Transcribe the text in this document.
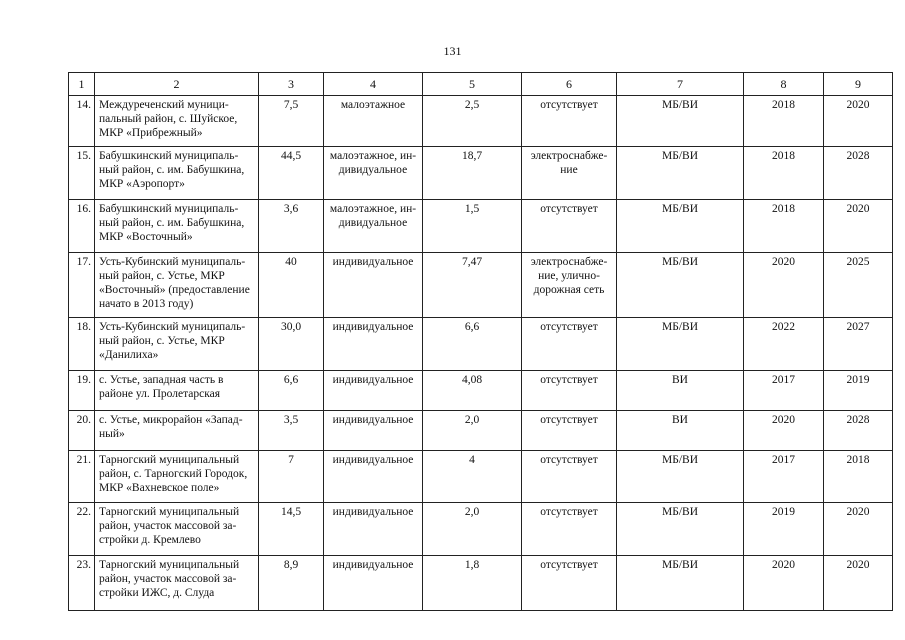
131
1	2	3	4	5	6	7	8	9
14.	Междуреченский муници-
пальный район, с. Шуйское,
МКР «Прибрежный»	7,5	малоэтажное	2,5	отсутствует	МБ/ВИ	2018	2020
15.	Бабушкинский муниципаль-
ный район, с. им. Бабушкина,
МКР «Аэропорт»	44,5	малоэтажное, ин-
дивидуальное	18,7	электроснабже-
ние	МБ/ВИ	2018	2028
16.	Бабушкинский муниципаль-
ный район, с. им. Бабушкина,
МКР «Восточный»	3,6	малоэтажное, ин-
дивидуальное	1,5	отсутствует	МБ/ВИ	2018	2020
17.	Усть-Кубинский муниципаль-
ный район, с. Устье, МКР
«Восточный» (предоставление
начато в 2013 году)	40	индивидуальное	7,47	электроснабже-
ние, улично-
дорожная сеть	МБ/ВИ	2020	2025
18.	Усть-Кубинский муниципаль-
ный район, с. Устье, МКР
«Данилиха»	30,0	индивидуальное	6,6	отсутствует	МБ/ВИ	2022	2027
19.	с. Устье, западная часть в
районе ул. Пролетарская	6,6	индивидуальное	4,08	отсутствует	ВИ	2017	2019
20.	с. Устье, микрорайон «Запад-
ный»	3,5	индивидуальное	2,0	отсутствует	ВИ	2020	2028
21.	Тарногский муниципальный
район, с. Тарногский Городок,
МКР «Вахневское поле»	7	индивидуальное	4	отсутствует	МБ/ВИ	2017	2018
22.	Тарногский муниципальный
район, участок массовой за-
стройки д. Кремлево	14,5	индивидуальное	2,0	отсутствует	МБ/ВИ	2019	2020
23.	Тарногский муниципальный
район, участок массовой за-
стройки ИЖС, д. Слуда	8,9	индивидуальное	1,8	отсутствует	МБ/ВИ	2020	2020
